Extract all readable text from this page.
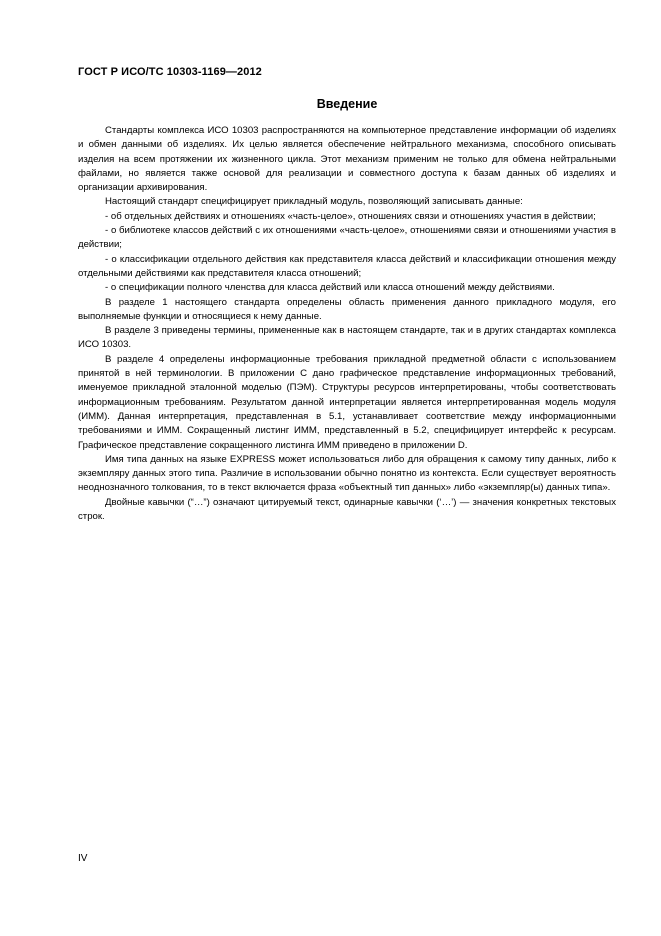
ГОСТ Р ИСО/ТС 10303-1169—2012
Введение

Стандарты комплекса ИСО 10303 распространяются на компьютерное представление информации об изделиях и обмен данными об изделиях. Их целью является обеспечение нейтрального механизма, способного описывать изделия на всем протяжении их жизненного цикла. Этот механизм применим не только для обмена нейтральными файлами, но является также основой для реализации и совместного доступа к базам данных об изделиях и организации архивирования.

Настоящий стандарт специфицирует прикладный модуль, позволяющий записывать данные:

- об отдельных действиях и отношениях «часть-целое», отношениях связи и отношениях участия в действии;

- о библиотеке классов действий с их отношениями «часть-целое», отношениями связи и отношениями участия в действии;

- о классификации отдельного действия как представителя класса действий и классификации отношения между отдельными действиями как представителя класса отношений;

- о спецификации полного членства для класса действий или класса отношений между действиями.

В разделе 1 настоящего стандарта определены область применения данного прикладного модуля, его выполняемые функции и относящиеся к нему данные.

В разделе 3 приведены термины, примененные как в настоящем стандарте, так и в других стандартах комплекса ИСО 10303.

В разделе 4 определены информационные требования прикладной предметной области с использованием принятой в ней терминологии. В приложении С дано графическое представление информационных требований, именуемое прикладной эталонной моделью (ПЭМ). Структуры ресурсов интерпретированы, чтобы соответствовать информационным требованиям. Результатом данной интерпретации является интерпретированная модель модуля (ИММ). Данная интерпретация, представленная в 5.1, устанавливает соответствие между информационными требованиями и ИММ. Сокращенный листинг ИММ, представленный в 5.2, специфицирует интерфейс к ресурсам. Графическое представление сокращенного листинга ИММ приведено в приложении D.

Имя типа данных на языке EXPRESS может использоваться либо для обращения к самому типу данных, либо к экземпляру данных этого типа. Различие в использовании обычно понятно из контекста. Если существует вероятность неоднозначного толкования, то в текст включается фраза «объектный тип данных» либо «экземпляр(ы) данных типа».

Двойные кавычки (“…”) означают цитируемый текст, одинарные кавычки (‘…’) — значения конкретных текстовых строк.

IV
